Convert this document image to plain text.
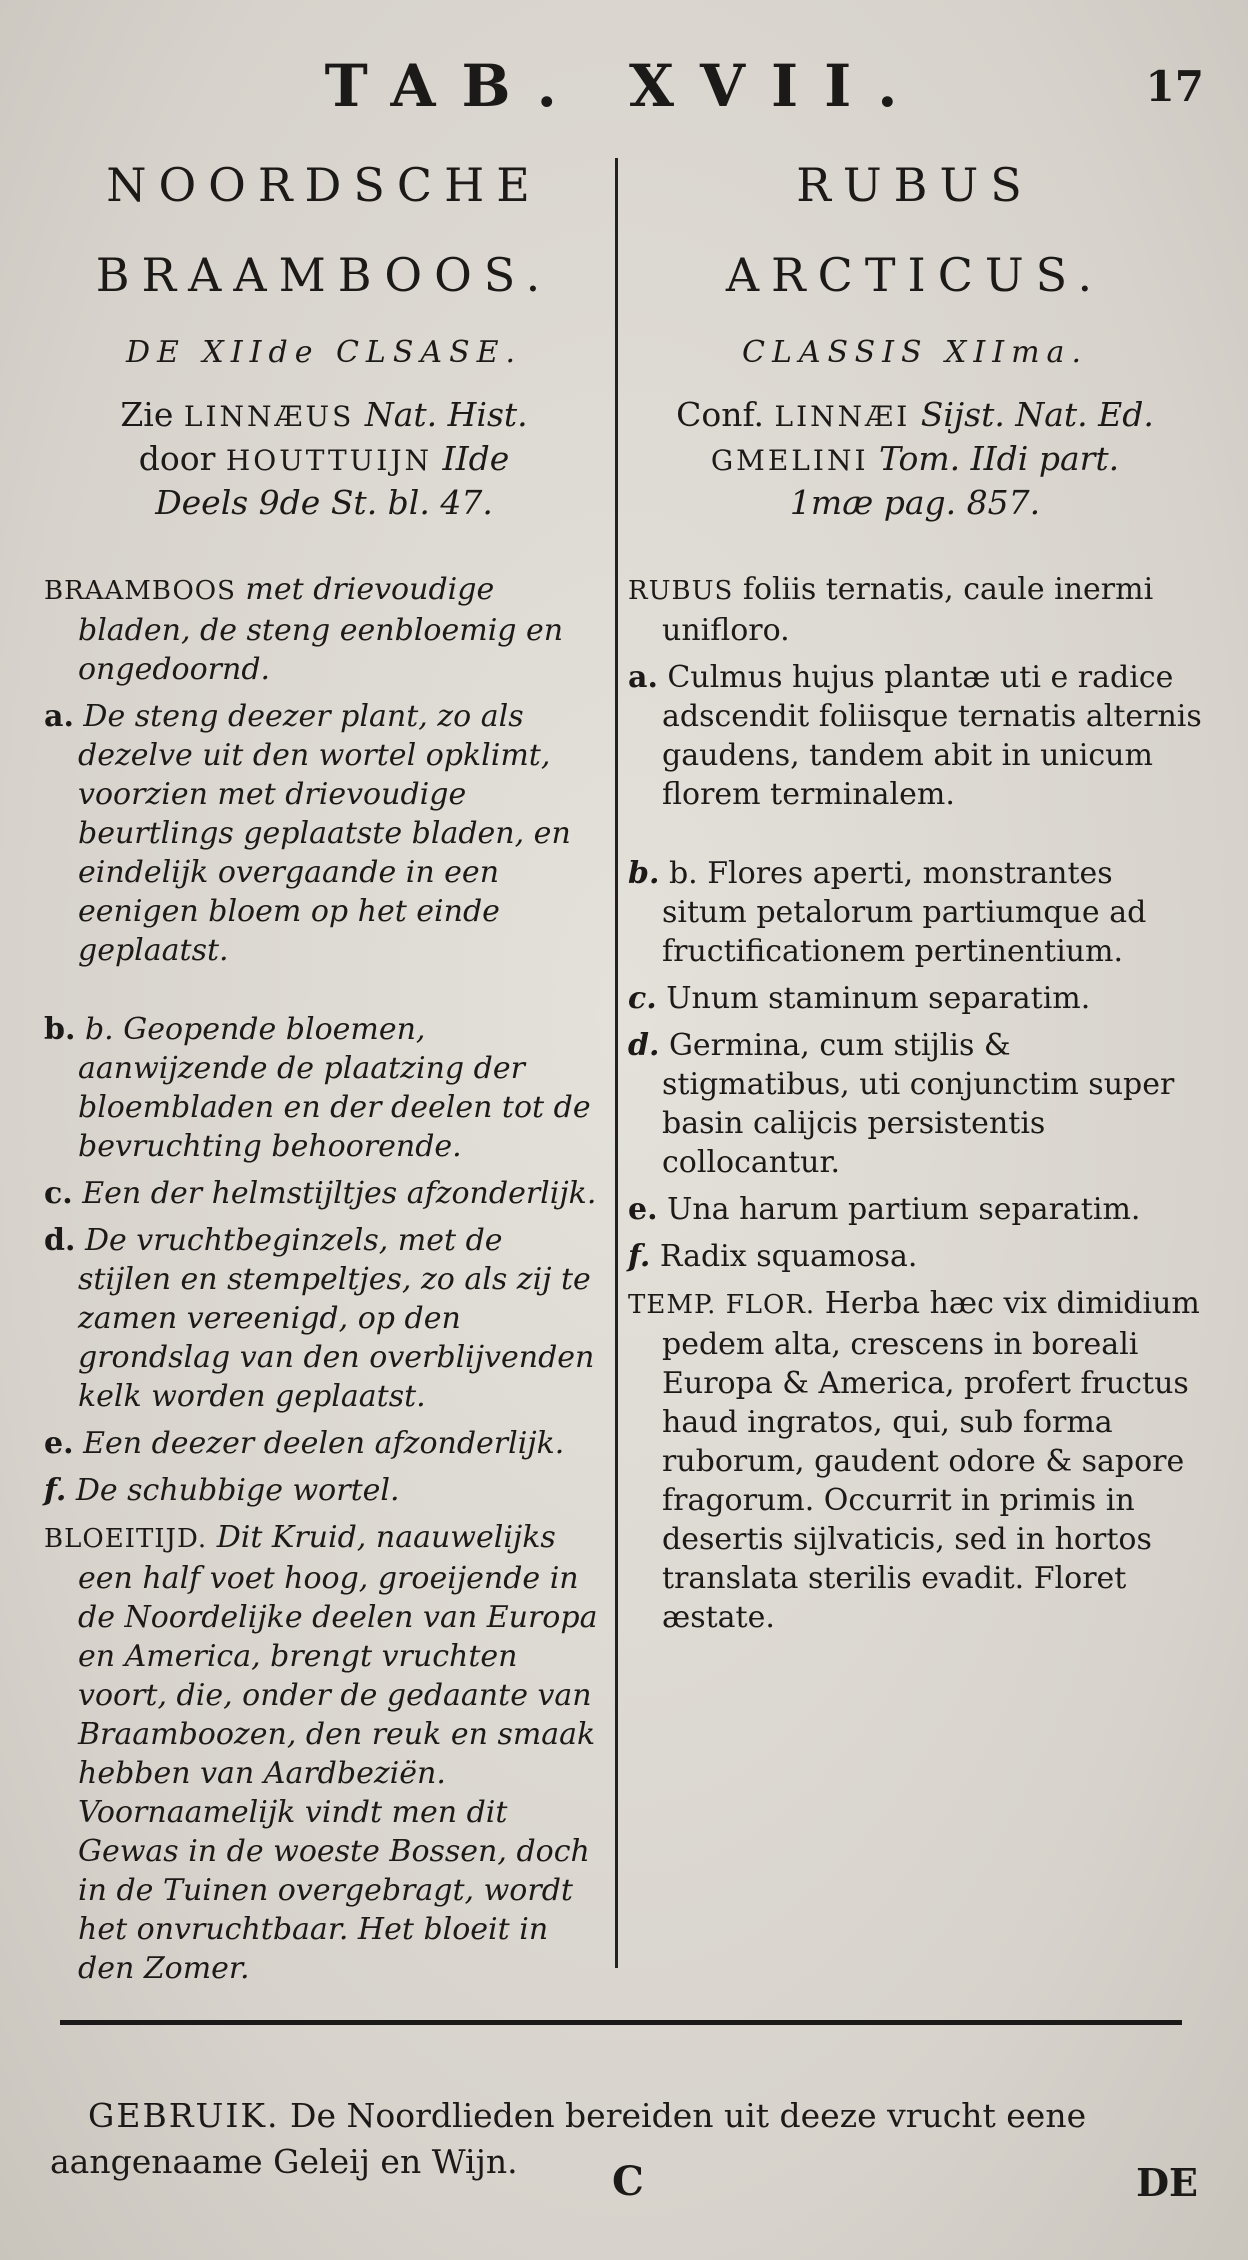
TAB. XVII.	17
NOORDSCHE
BRAAMBOOS.
DE XIIde CLSASE.
Zie LINNÆUS Nat. Hist.
door HOUTTUIJN IIde
Deels 9de St. bl. 47.

BRAAMBOOS met drievoudige bladen, de steng eenbloemig en ongedoornd.

a. De steng deezer plant, zo als dezelve uit den wortel opklimt, voorzien met drievoudige beurtlings geplaatste bladen, en eindelijk overgaande in een eenigen bloem op het einde geplaatst.

b. b. Geopende bloemen, aanwijzende de plaatzing der bloembladen en der deelen tot de bevruchting behoorende.

c. Een der helmstijltjes afzonderlijk.

d. De vruchtbeginzels, met de stijlen en stempeltjes, zo als zij te zamen vereenigd, op den grondslag van den overblijvenden kelk worden geplaatst.

e. Een deezer deelen afzonderlijk.

f. De schubbige wortel.

BLOEITIJD. Dit Kruid, naauwelijks een half voet hoog, groeijende in de Noordelijke deelen van Europa en America, brengt vruchten voort, die, onder de gedaante van Braamboozen, den reuk en smaak hebben van Aardbeziën. Voornaamelijk vindt men dit Gewas in de woeste Bossen, doch in de Tuinen overgebragt, wordt het onvruchtbaar. Het bloeit in den Zomer.

RUBUS
ARCTICUS.
CLASSIS XIIma.
Conf. LINNÆI Sijst. Nat. Ed.
GMELINI Tom. IIdi part.
1mæ pag. 857.

RUBUS foliis ternatis, caule inermi unifloro.

a. Culmus hujus plantæ uti e radice adscendit foliisque ternatis alternis gaudens, tandem abit in unicum florem terminalem.

b. b. Flores aperti, monstrantes situm petalorum partiumque ad fructificationem pertinentium.

c. Unum staminum separatim.

d. Germina, cum stijlis & stigmatibus, uti conjunctim super basin calijcis persistentis collocantur.

e. Una harum partium separatim.

f. Radix squamosa.

TEMP. FLOR. Herba hæc vix dimidium pedem alta, crescens in boreali Europa & America, profert fructus haud ingratos, qui, sub forma ruborum, gaudent odore & sapore fragorum. Occurrit in primis in desertis sijlvaticis, sed in hortos translata sterilis evadit. Floret æstate.

GEBRUIK. De Noordlieden bereiden uit deeze vrucht eene aangenaame Geleij en Wijn.	C	DE
